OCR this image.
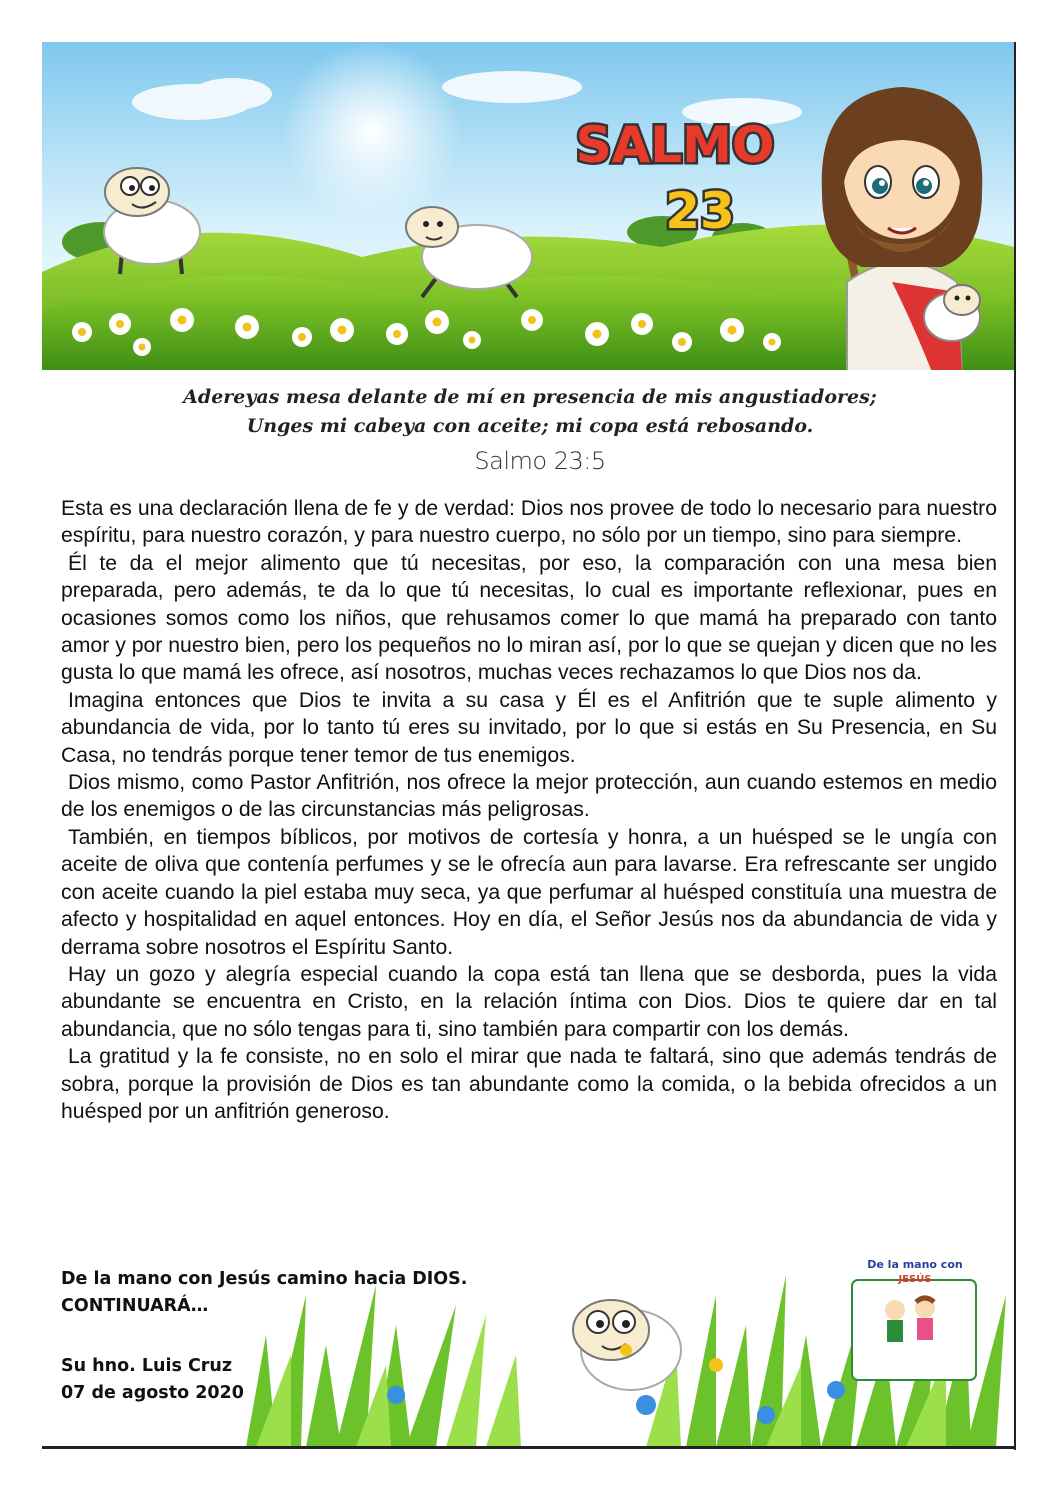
SALMO
23
Adereyas mesa delante de mí en presencia de mis angustiadores;
Unges mi cabeya con aceite; mi copa está rebosando.
Salmo 23:5

Esta es una declaración llena de fe y de verdad: Dios nos provee de todo lo necesario para nuestro espíritu, para nuestro corazón, y para nuestro cuerpo, no sólo por un tiempo, sino para siempre.

Él te da el mejor alimento que tú necesitas, por eso, la comparación con una mesa bien preparada, pero además, te da lo que tú necesitas, lo cual es importante reflexionar, pues en ocasiones somos como los niños, que rehusamos comer lo que mamá ha preparado con tanto amor y por nuestro bien, pero los pequeños no lo miran así, por lo que se quejan y dicen que no les gusta lo que mamá les ofrece, así nosotros, muchas veces rechazamos lo que Dios nos da.

Imagina entonces que Dios te invita a su casa y Él es el Anfitrión que te suple alimento y abundancia de vida, por lo tanto tú eres su invitado, por lo que si estás en Su Presencia, en Su Casa, no tendrás porque tener temor de tus enemigos.

Dios mismo, como Pastor Anfitrión, nos ofrece la mejor protección, aun cuando estemos en medio de los enemigos o de las circunstancias más peligrosas.

También, en tiempos bíblicos, por motivos de cortesía y honra, a un huésped se le ungía con aceite de oliva que contenía perfumes y se le ofrecía aun para lavarse. Era refrescante ser ungido con aceite cuando la piel estaba muy seca, ya que perfumar al huésped constituía una muestra de afecto y hospitalidad en aquel entonces. Hoy en día, el Señor Jesús nos da abundancia de vida y derrama sobre nosotros el Espíritu Santo.

Hay un gozo y alegría especial cuando la copa está tan llena que se desborda, pues la vida abundante se encuentra en Cristo, en la relación íntima con Dios. Dios te quiere dar en tal abundancia, que no sólo tengas para ti, sino también para compartir con los demás.

La gratitud y la fe consiste, no en solo el mirar que nada te faltará, sino que además tendrás de sobra, porque la provisión de Dios es tan abundante como la comida, o la bebida ofrecidos a un huésped por un anfitrión generoso.

De la mano con
JESÚS
De la mano con Jesús camino hacia DIOS.
CONTINUARÁ…
Su hno. Luis Cruz
07 de agosto 2020
